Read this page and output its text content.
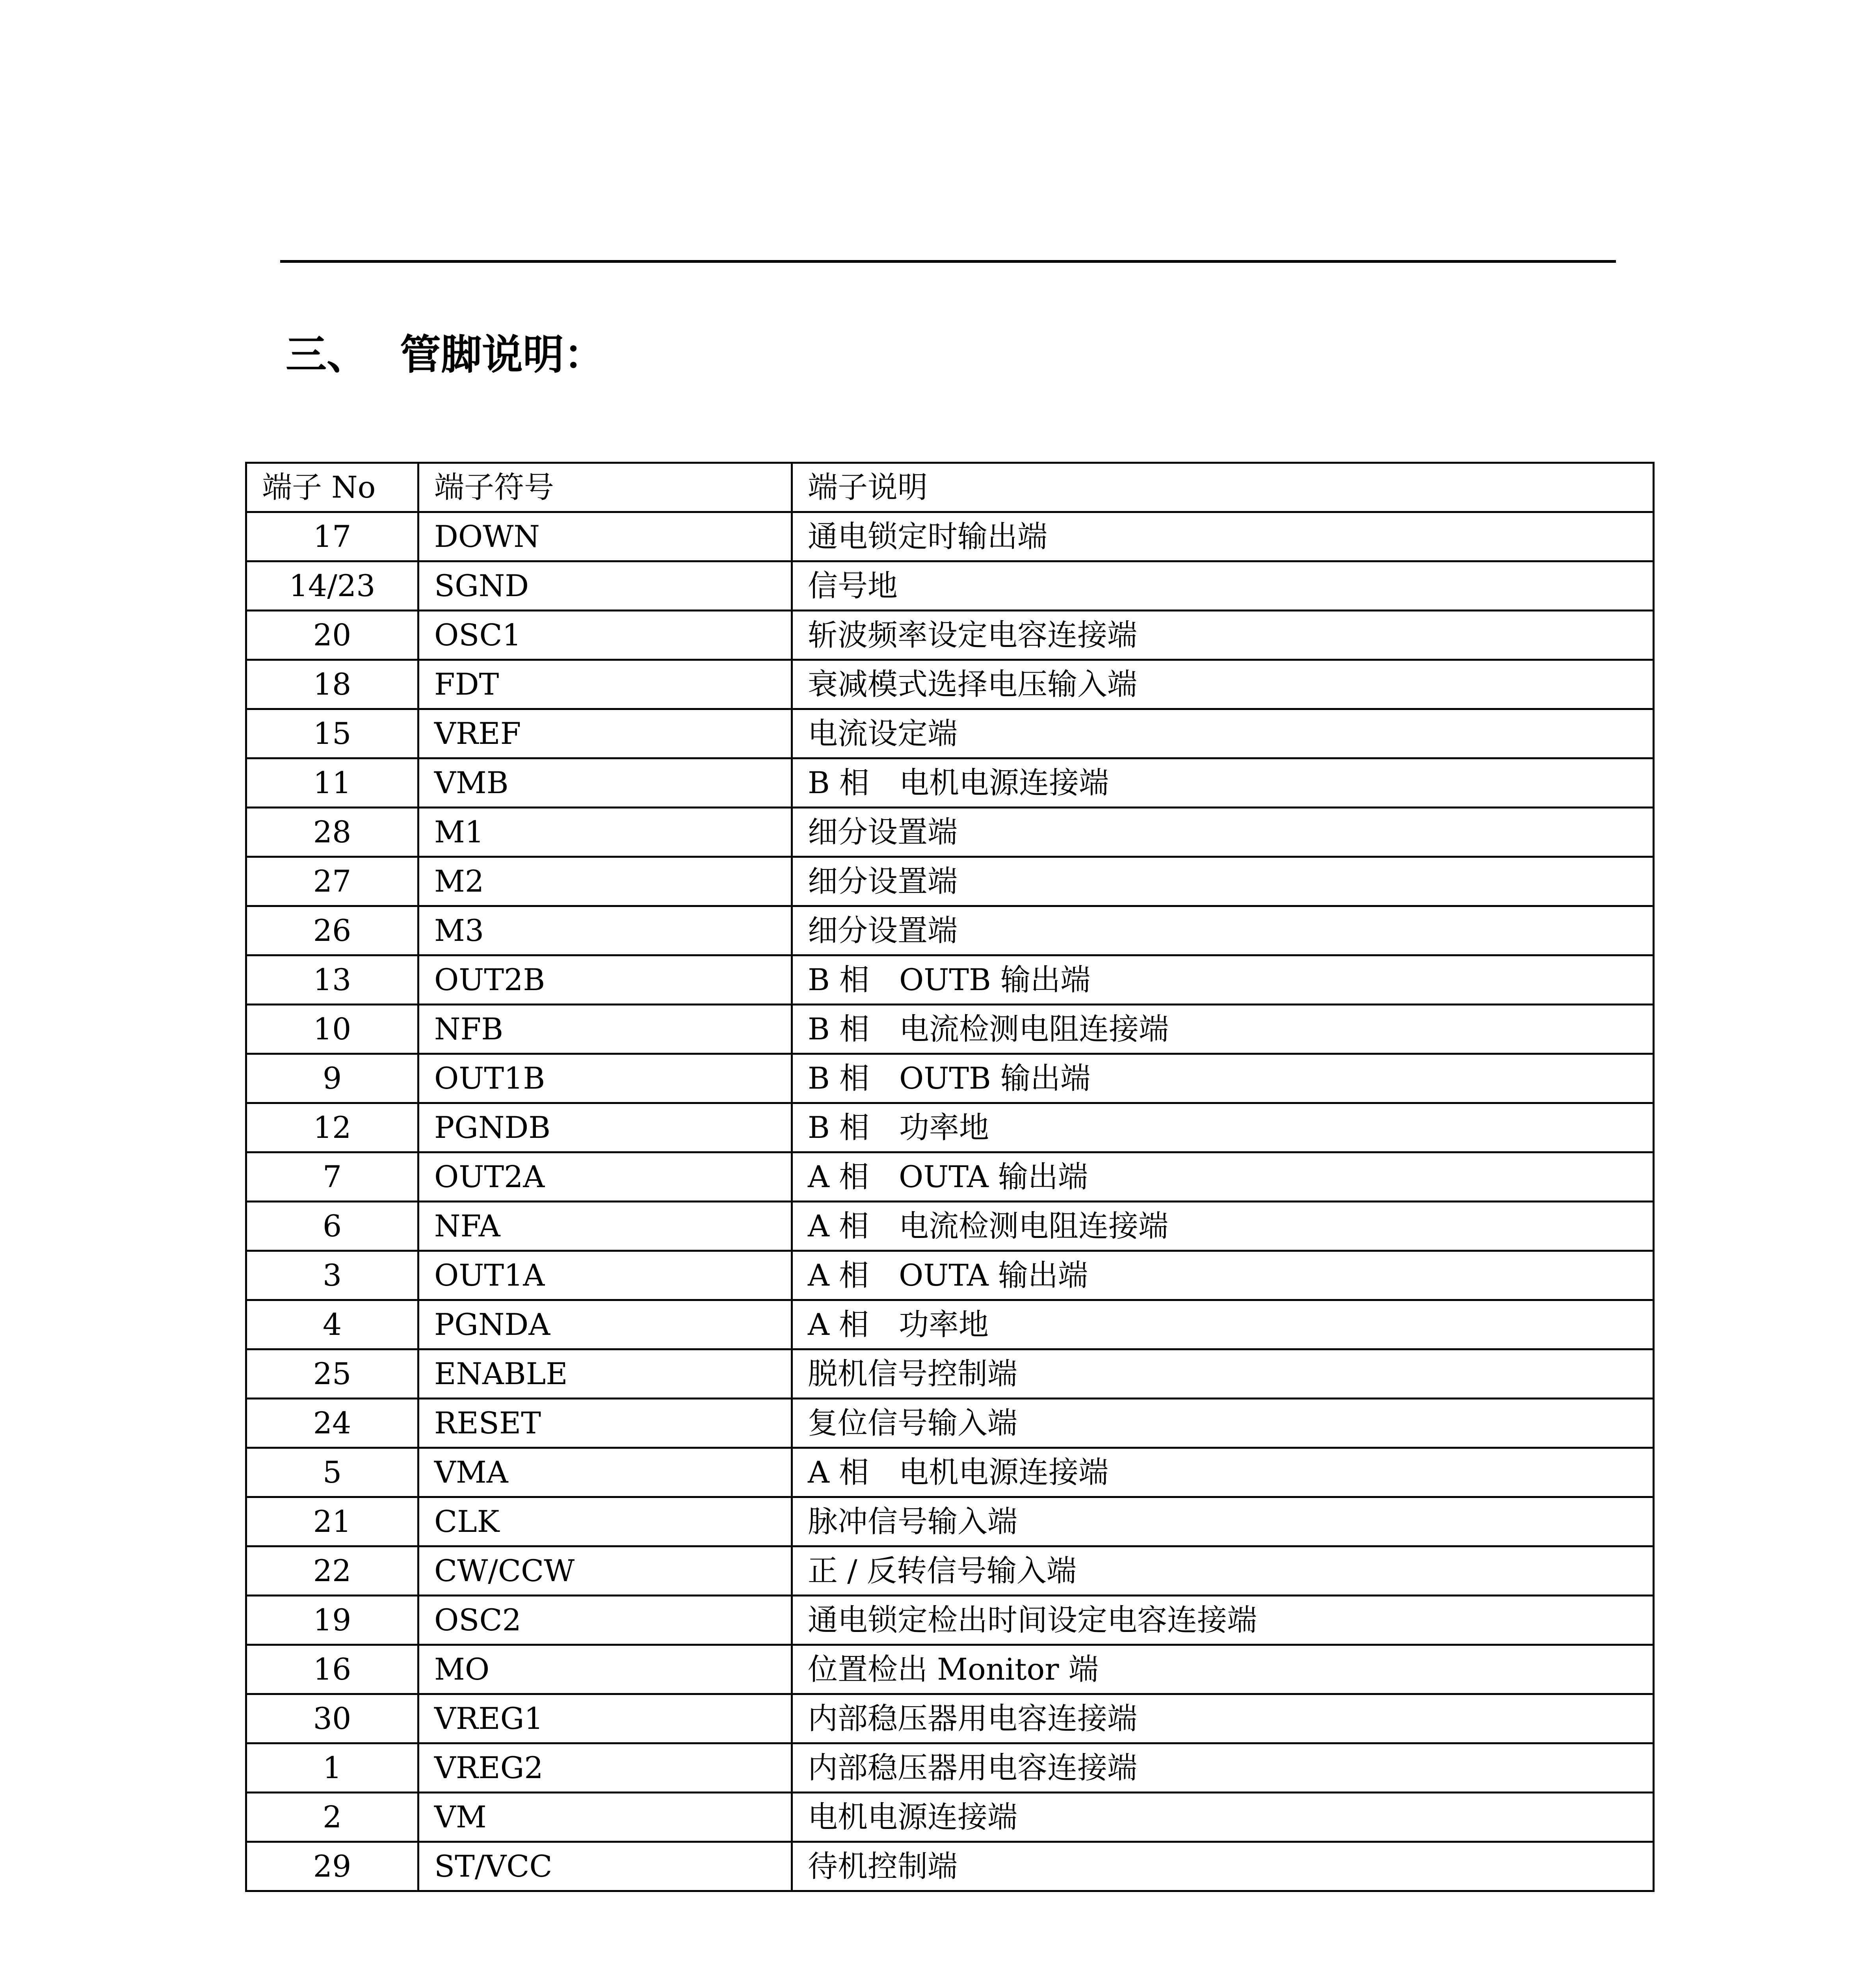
三、 管脚说明：
端子 No	端子符号	端子说明
17	DOWN	通电锁定时输出端
14/23	SGND	信号地
20	OSC1	斩波频率设定电容连接端
18	FDT	衰减模式选择电压输入端
15	VREF	电流设定端
11	VMB	B 相　电机电源连接端
28	M1	细分设置端
27	M2	细分设置端
26	M3	细分设置端
13	OUT2B	B 相　OUTB 输出端
10	NFB	B 相　电流检测电阻连接端
9	OUT1B	B 相　OUTB 输出端
12	PGNDB	B 相　功率地
7	OUT2A	A 相　OUTA 输出端
6	NFA	A 相　电流检测电阻连接端
3	OUT1A	A 相　OUTA 输出端
4	PGNDA	A 相　功率地
25	ENABLE	脱机信号控制端
24	RESET	复位信号输入端
5	VMA	A 相　电机电源连接端
21	CLK	脉冲信号输入端
22	CW/CCW	正 / 反转信号输入端
19	OSC2	通电锁定检出时间设定电容连接端
16	MO	位置检出 Monitor 端
30	VREG1	内部稳压器用电容连接端
1	VREG2	内部稳压器用电容连接端
2	VM	电机电源连接端
29	ST/VCC	待机控制端
